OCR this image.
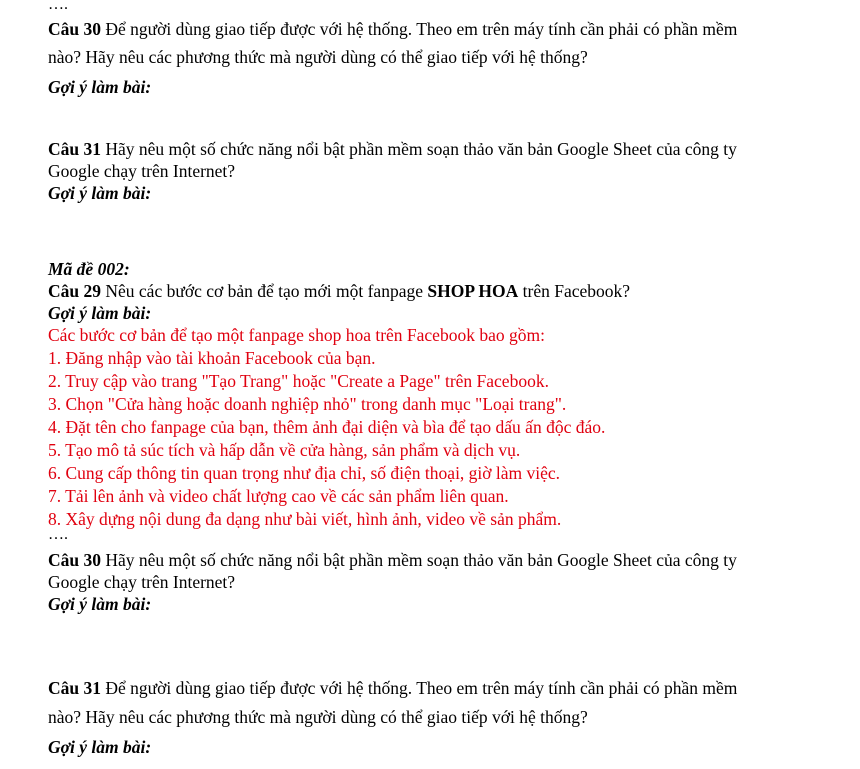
….
Câu 30 Để người dùng giao tiếp được với hệ thống. Theo em trên máy tính cần phải có phần mềm
nào? Hãy nêu các phương thức mà người dùng có thể giao tiếp với hệ thống?
Gợi ý làm bài:
Câu 31 Hãy nêu một số chức năng nổi bật phần mềm soạn thảo văn bản Google Sheet của công ty
Google chạy trên Internet?
Gợi ý làm bài:
Mã đề 002:
Câu 29 Nêu các bước cơ bản để tạo mới một fanpage SHOP HOA trên Facebook?
Gợi ý làm bài:
Các bước cơ bản để tạo một fanpage shop hoa trên Facebook bao gồm:
1. Đăng nhập vào tài khoản Facebook của bạn.
2. Truy cập vào trang "Tạo Trang" hoặc "Create a Page" trên Facebook.
3. Chọn "Cửa hàng hoặc doanh nghiệp nhỏ" trong danh mục "Loại trang".
4. Đặt tên cho fanpage của bạn, thêm ảnh đại diện và bìa để tạo dấu ấn độc đáo.
5. Tạo mô tả súc tích và hấp dẫn về cửa hàng, sản phẩm và dịch vụ.
6. Cung cấp thông tin quan trọng như địa chỉ, số điện thoại, giờ làm việc.
7. Tải lên ảnh và video chất lượng cao về các sản phẩm liên quan.
8. Xây dựng nội dung đa dạng như bài viết, hình ảnh, video về sản phẩm.
….
Câu 30 Hãy nêu một số chức năng nổi bật phần mềm soạn thảo văn bản Google Sheet của công ty
Google chạy trên Internet?
Gợi ý làm bài:
Câu 31 Để người dùng giao tiếp được với hệ thống. Theo em trên máy tính cần phải có phần mềm
nào? Hãy nêu các phương thức mà người dùng có thể giao tiếp với hệ thống?
Gợi ý làm bài:
